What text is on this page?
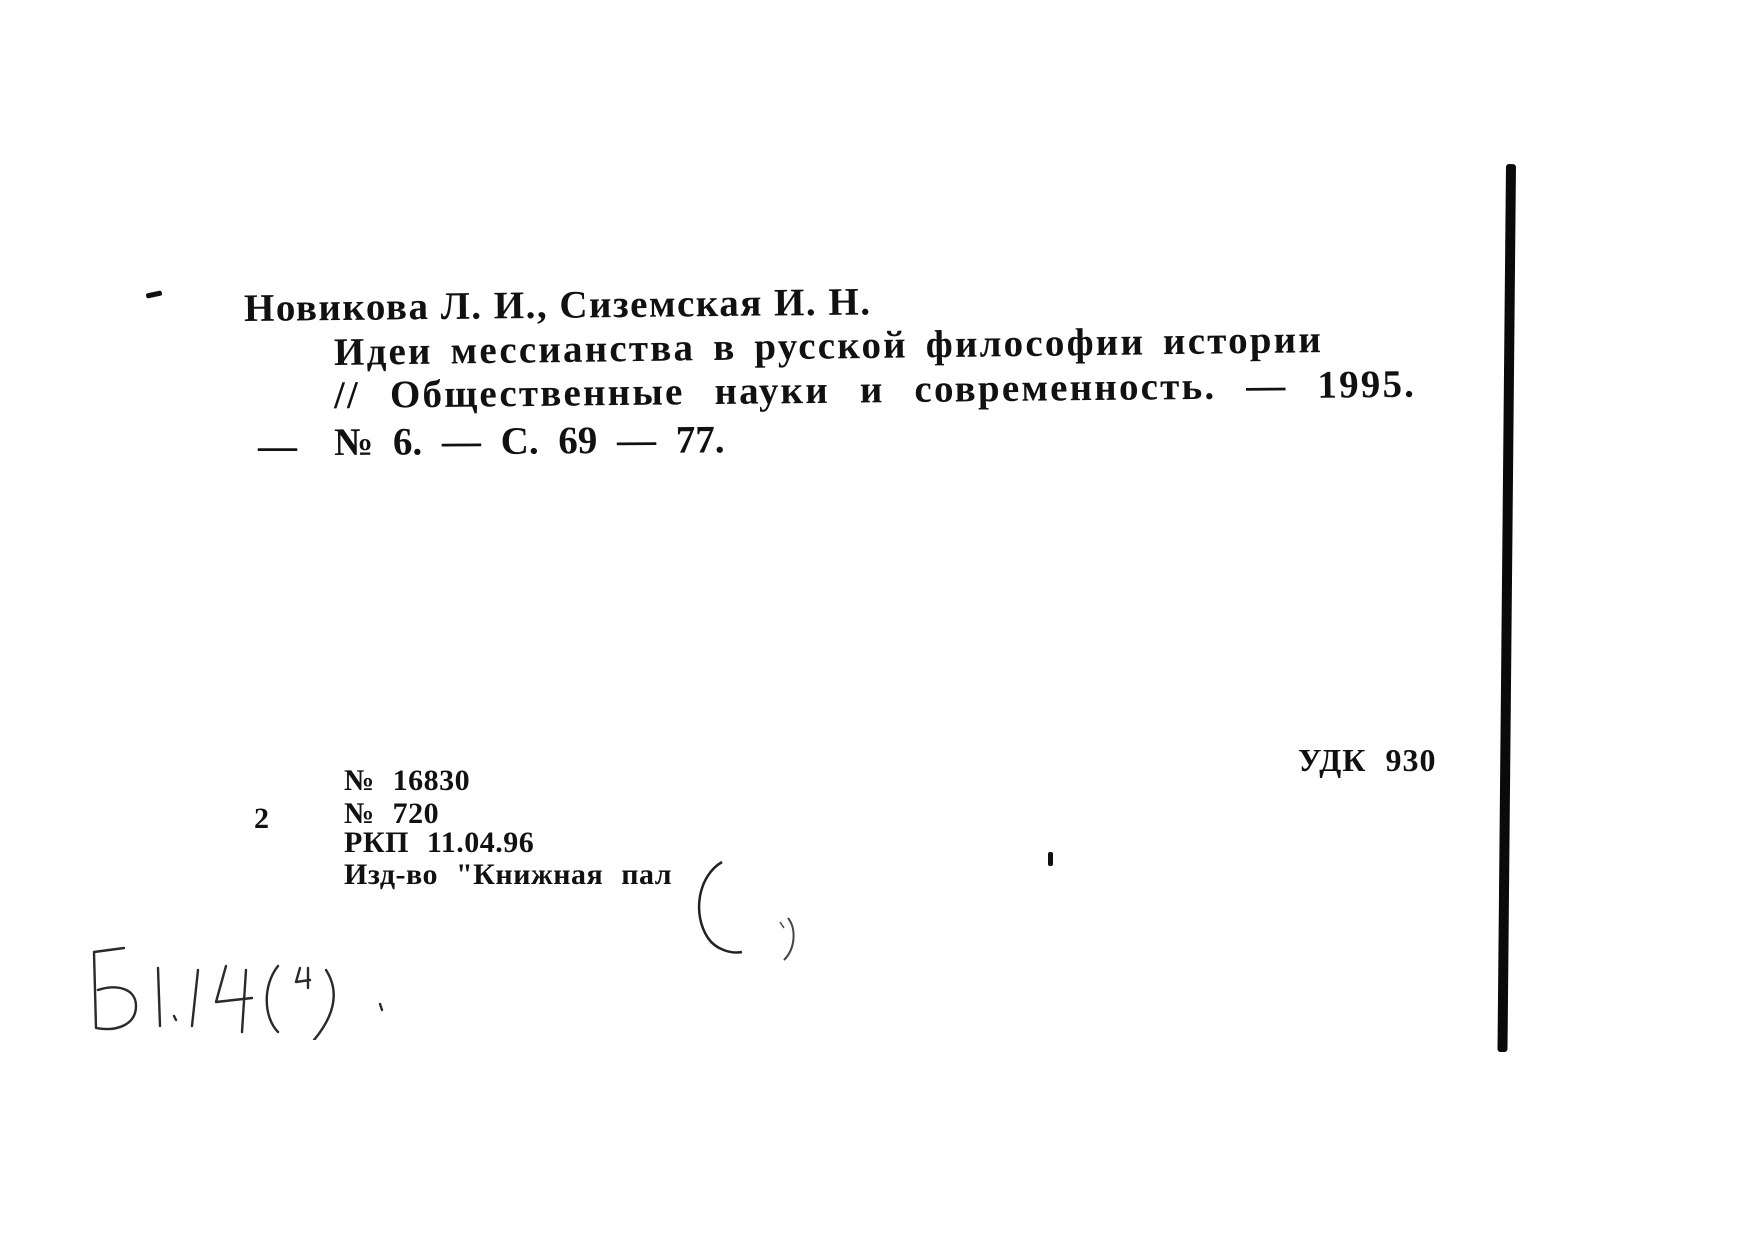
Новикова Л. И., Сиземская И. Н.
Идеи мессианства в русской философии истории
// Общественные науки и современность. — 1995.
— № 6. — С. 69 — 77.
УДК 930
2
№ 16830
№ 720
РКП 11.04.96
Изд-во "Книжная пал
